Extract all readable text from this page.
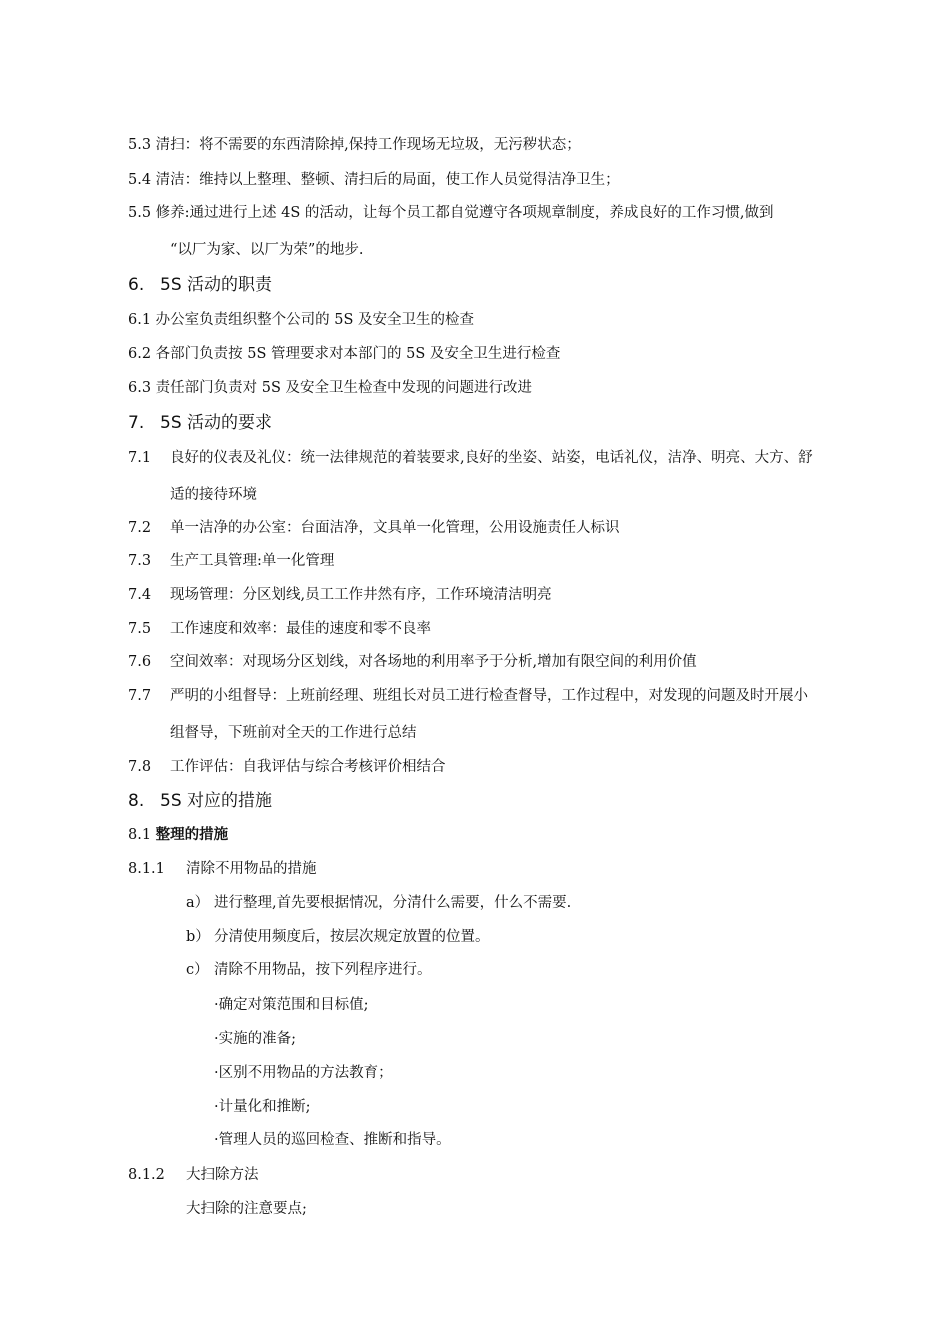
5.3 清扫：将不需要的东西清除掉,保持工作现场无垃圾，无污秽状态；
5.4 清洁：维持以上整理、整顿、清扫后的局面，使工作人员觉得洁净卫生；
5.5 修养:通过进行上述 4S 的活动，让每个员工都自觉遵守各项规章制度，养成良好的工作习惯,做到
“以厂为家、以厂为荣”的地步.
6. 5S 活动的职责
6.1 办公室负责组织整个公司的 5S 及安全卫生的检查
6.2 各部门负责按 5S 管理要求对本部门的 5S 及安全卫生进行检查
6.3 责任部门负责对 5S 及安全卫生检查中发现的问题进行改进
7. 5S 活动的要求
7.1 良好的仪表及礼仪：统一法律规范的着装要求,良好的坐姿、站姿，电话礼仪，洁净、明亮、大方、舒
适的接待环境
7.2 单一洁净的办公室：台面洁净，文具单一化管理，公用设施责任人标识
7.3 生产工具管理:单一化管理
7.4 现场管理：分区划线,员工工作井然有序，工作环境清洁明亮
7.5 工作速度和效率：最佳的速度和零不良率
7.6 空间效率：对现场分区划线，对各场地的利用率予于分析,增加有限空间的利用价值
7.7 严明的小组督导：上班前经理、班组长对员工进行检查督导，工作过程中，对发现的问题及时开展小
组督导，下班前对全天的工作进行总结
7.8 工作评估：自我评估与综合考核评价相结合
8. 5S 对应的措施
8.1 整理的措施
8.1.1 清除不用物品的措施
a） 进行整理,首先要根据情况，分清什么需要，什么不需要.
b） 分清使用频度后，按层次规定放置的位置。
c） 清除不用物品，按下列程序进行。
·确定对策范围和目标值;
·实施的准备;
·区别不用物品的方法教育；
·计量化和推断;
·管理人员的巡回检查、推断和指导。
8.1.2 大扫除方法
大扫除的注意要点;
